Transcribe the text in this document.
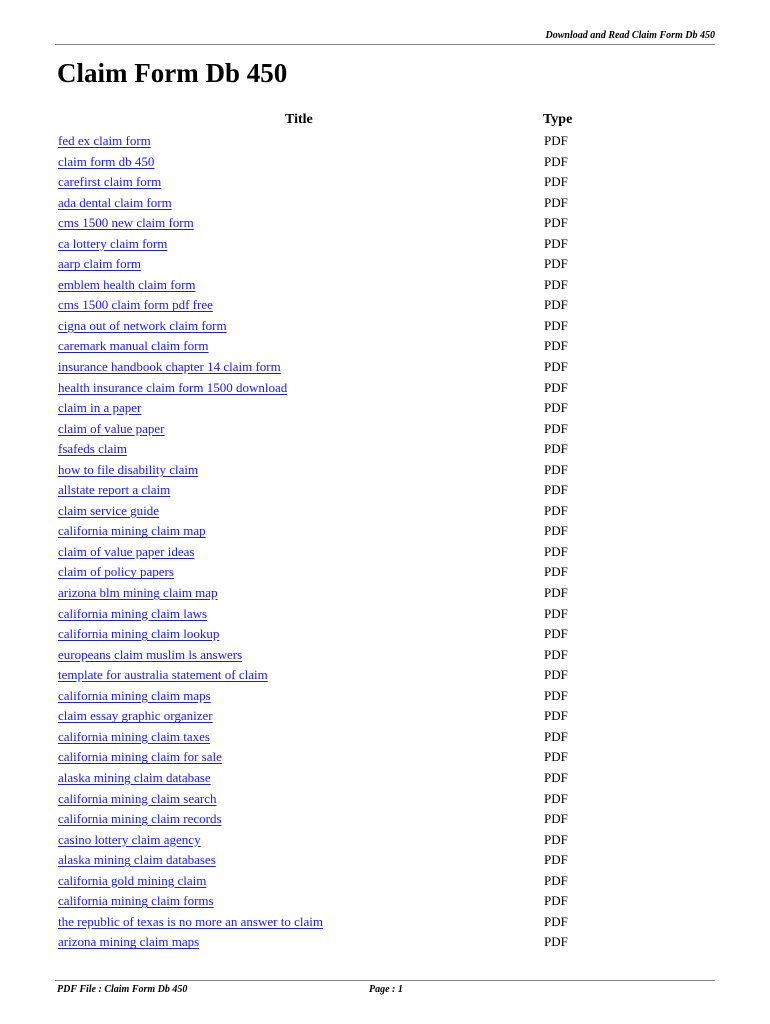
Download and Read Claim Form Db 450
Claim Form Db 450
Title	Type
fed ex claim form	PDF
claim form db 450	PDF
carefirst claim form	PDF
ada dental claim form	PDF
cms 1500 new claim form	PDF
ca lottery claim form	PDF
aarp claim form	PDF
emblem health claim form	PDF
cms 1500 claim form pdf free	PDF
cigna out of network claim form	PDF
caremark manual claim form	PDF
insurance handbook chapter 14 claim form	PDF
health insurance claim form 1500 download	PDF
claim in a paper	PDF
claim of value paper	PDF
fsafeds claim	PDF
how to file disability claim	PDF
allstate report a claim	PDF
claim service guide	PDF
california mining claim map	PDF
claim of value paper ideas	PDF
claim of policy papers	PDF
arizona blm mining claim map	PDF
california mining claim laws	PDF
california mining claim lookup	PDF
europeans claim muslim ls answers	PDF
template for australia statement of claim	PDF
california mining claim maps	PDF
claim essay graphic organizer	PDF
california mining claim taxes	PDF
california mining claim for sale	PDF
alaska mining claim database	PDF
california mining claim search	PDF
california mining claim records	PDF
casino lottery claim agency	PDF
alaska mining claim databases	PDF
california gold mining claim	PDF
california mining claim forms	PDF
the republic of texas is no more an answer to claim	PDF
arizona mining claim maps	PDF
PDF File : Claim Form Db 450	Page : 1
